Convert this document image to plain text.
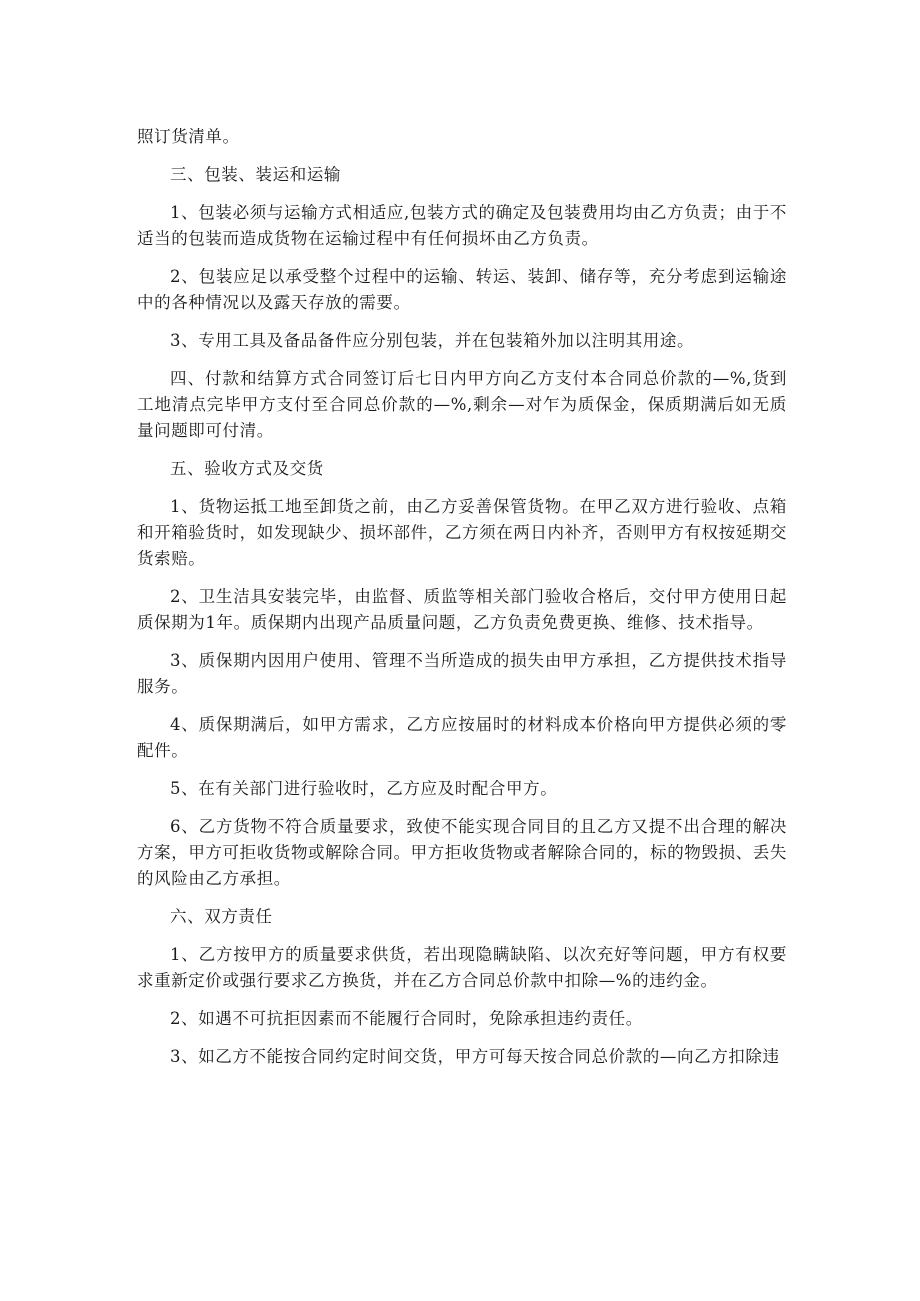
照订货清单。

三、包装、装运和运输

1、包装必须与运输方式相适应,包装方式的确定及包装费用均由乙方负责；由于不适当的包装而造成货物在运输过程中有任何损坏由乙方负责。

2、包装应足以承受整个过程中的运输、转运、装卸、储存等，充分考虑到运输途中的各种情况以及露天存放的需要。

3、专用工具及备品备件应分别包装，并在包装箱外加以注明其用途。

四、付款和结算方式合同签订后七日内甲方向乙方支付本合同总价款的—%,货到工地清点完毕甲方支付至合同总价款的—%,剩余—对乍为质保金，保质期满后如无质量问题即可付清。

五、验收方式及交货

1、货物运抵工地至卸货之前，由乙方妥善保管货物。在甲乙双方进行验收、点箱和开箱验货时，如发现缺少、损坏部件，乙方须在两日内补齐，否则甲方有权按延期交货索赔。

2、卫生洁具安装完毕，由监督、质监等相关部门验收合格后，交付甲方使用日起质保期为1年。质保期内出现产品质量问题，乙方负责免费更换、维修、技术指导。

3、质保期内因用户使用、管理不当所造成的损失由甲方承担，乙方提供技术指导服务。

4、质保期满后，如甲方需求，乙方应按届时的材料成本价格向甲方提供必须的零配件。

5、在有关部门进行验收时，乙方应及时配合甲方。

6、乙方货物不符合质量要求，致使不能实现合同目的且乙方又提不出合理的解决方案，甲方可拒收货物或解除合同。甲方拒收货物或者解除合同的，标的物毁损、丢失的风险由乙方承担。

六、双方责任

1、乙方按甲方的质量要求供货，若出现隐瞒缺陷、以次充好等问题，甲方有权要求重新定价或强行要求乙方换货，并在乙方合同总价款中扣除—%的违约金。

2、如遇不可抗拒因素而不能履行合同时，免除承担违约责任。

3、如乙方不能按合同约定时间交货，甲方可每天按合同总价款的—向乙方扣除违
